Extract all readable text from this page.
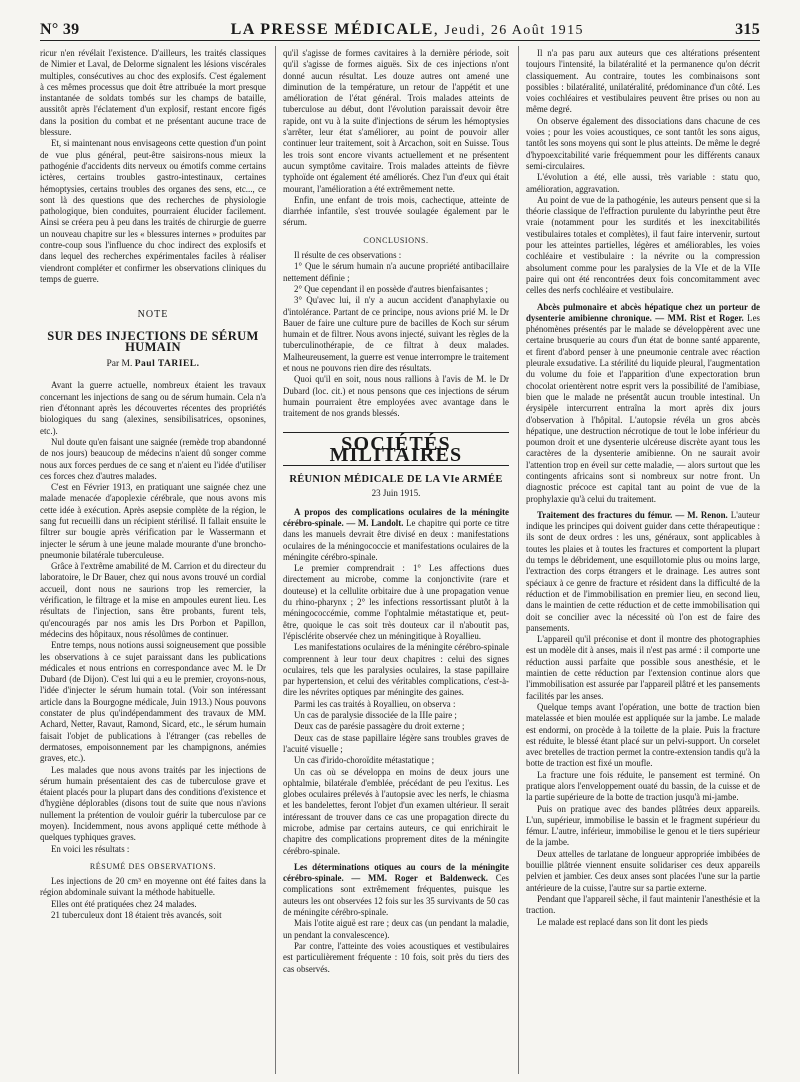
N° 39	LA PRESSE MÉDICALE, Jeudi, 26 Août 1915	315

ricur n'en révélait l'existence. D'ailleurs, les traités classiques de Nimier et Laval, de Delorme signalent les lésions viscérales multiples, consécutives au choc des explosifs. C'est également à ces mêmes processus que doit être attribuée la mort presque instantanée de soldats tombés sur les champs de bataille, aussitôt après l'éclatement d'un explosif, restant encore figés dans la position du combat et ne présentant aucune trace de blessure.

Et, si maintenant nous envisageons cette question d'un point de vue plus général, peut-être saisirons-nous mieux la pathogénie d'accidents dits nerveux ou émotifs comme certains ictères, certains troubles gastro-intestinaux, certaines hémoptysies, certains troubles des organes des sens, etc..., ce sont là des questions que des recherches de physiologie pathologique, bien conduites, pourraient élucider facilement. Ainsi se créera peu à peu dans les traités de chirurgie de guerre un nouveau chapitre sur les « blessures internes » produites par contre-coup sous l'influence du choc indirect des explosifs et dans lequel des recherches expérimentales faciles à réaliser viendront compléter et confirmer les observations cliniques du temps de guerre.

NOTE
SUR DES INJECTIONS DE SÉRUM HUMAIN
Par M. Paul TARIEL.

Avant la guerre actuelle, nombreux étaient les travaux concernant les injections de sang ou de sérum humain. Cela n'a rien d'étonnant après les découvertes récentes des propriétés biologiques du sang (alexines, sensibilisatrices, opsonines, etc.).

Nul doute qu'en faisant une saignée (remède trop abandonné de nos jours) beaucoup de médecins n'aient dû songer comme nous aux forces perdues de ce sang et n'aient eu l'idée d'utiliser ces forces chez d'autres malades.

C'est en Février 1913, en pratiquant une saignée chez une malade menacée d'apoplexie cérébrale, que nous avons mis cette idée à exécution. Après asepsie complète de la région, le sang fut recueilli dans un récipient stérilisé. Il fallait ensuite le filtrer sur bougie après vérification par le Wassermann et injecter le sérum à une jeune malade mourante d'une broncho-pneumonie bilatérale tuberculeuse.

Grâce à l'extrême amabilité de M. Carrion et du directeur du laboratoire, le Dr Bauer, chez qui nous avons trouvé un cordial accueil, dont nous ne saurions trop les remercier, la vérification, le filtrage et la mise en ampoules eurent lieu. Les résultats de l'injection, sans être probants, furent tels, qu'encouragés par nos amis les Drs Porbon et Papillon, médecins des hôpitaux, nous résolûmes de continuer.

Entre temps, nous notions aussi soigneusement que possible les observations à ce sujet paraissant dans les publications médicales et nous entrions en correspondance avec M. le Dr Dubard (de Dijon). C'est lui qui a eu le premier, croyons-nous, l'idée d'injecter le sérum humain total. (Voir son intéressant article dans la Bourgogne médicale, Juin 1913.) Nous pouvons constater de plus qu'indépendamment des travaux de MM. Achard, Netter, Ravaut, Ramond, Sicard, etc., le sérum humain faisait l'objet de publications à l'étranger (cas rebelles de dermatoses, empoisonnement par les champignons, anémies graves, etc.).

Les malades que nous avons traités par les injections de sérum humain présentaient des cas de tuberculose grave et étaient placés pour la plupart dans des conditions d'existence et d'hygiène déplorables (disons tout de suite que nous n'avions nullement la prétention de vouloir guérir la tuberculose par ce moyen). Incidemment, nous avons appliqué cette méthode à quelques typhiques graves.

En voici les résultats :

RÉSUMÉ DES OBSERVATIONS.

Les injections de 20 cm³ en moyenne ont été faites dans la région abdominale suivant la méthode habituelle.

Elles ont été pratiquées chez 24 malades.

21 tuberculeux dont 18 étaient très avancés, soit

qu'il s'agisse de formes cavitaires à la dernière période, soit qu'il s'agisse de formes aiguës. Six de ces injections n'ont donné aucun résultat. Les douze autres ont amené une diminution de la température, un retour de l'appétit et une amélioration de l'état général. Trois malades atteints de tuberculose au début, dont l'évolution paraissait devoir être rapide, ont vu à la suite d'injections de sérum les hémoptysies s'arrêter, leur état s'améliorer, au point de pouvoir aller continuer leur traitement, soit à Arcachon, soit en Suisse. Tous les trois sont encore vivants actuellement et ne présentent aucun symptôme cavitaire. Trois malades atteints de fièvre typhoïde ont également été améliorés. Chez l'un d'eux qui était mourant, l'amélioration a été extrêmement nette.

Enfin, une enfant de trois mois, cachectique, atteinte de diarrhée infantile, s'est trouvée soulagée également par le sérum.

CONCLUSIONS.

Il résulte de ces observations :

1° Que le sérum humain n'a aucune propriété antibacillaire nettement définie ;

2° Que cependant il en possède d'autres bienfaisantes ;

3° Qu'avec lui, il n'y a aucun accident d'anaphylaxie ou d'intolérance. Partant de ce principe, nous avions prié M. le Dr Bauer de faire une culture pure de bacilles de Koch sur sérum humain et de filtrer. Nous avons injecté, suivant les règles de la tuberculinothérapie, de ce filtrat à deux malades. Malheureusement, la guerre est venue interrompre le traitement et nous ne pouvons rien dire des résultats.

Quoi qu'il en soit, nous nous rallions à l'avis de M. le Dr Dubard (loc. cit.) et nous pensons que ces injections de sérum humain pourraient être employées avec avantage dans le traitement de nos grands blessés.

SOCIÉTÉS MILITAIRES
RÉUNION MÉDICALE DE LA VIe ARMÉE
23 Juin 1915.

A propos des complications oculaires de la méningite cérébro-spinale. — M. Landolt. Le chapitre qui porte ce titre dans les manuels devrait être divisé en deux : manifestations oculaires de la méningococcie et manifestations oculaires de la méningite cérébro-spinale.

Le premier comprendrait : 1° Les affections dues directement au microbe, comme la conjonctivite (rare et douteuse) et la cellulite orbitaire due à une propagation venue du rhino-pharynx ; 2° les infections ressortissant plutôt à la méningococcémie, comme l'ophtalmie métastatique et, peut-être, quoique le cas soit très douteux car il n'aboutit pas, l'épisclérite observée chez un méningitique à Royallieu.

Les manifestations oculaires de la méningite cérébro-spinale comprennent à leur tour deux chapitres : celui des signes oculaires, tels que les paralysies oculaires, la stase papillaire par hypertension, et celui des véritables complications, c'est-à-dire les névrites optiques par méningite des gaines.

Parmi les cas traités à Royallieu, on observa :

Un cas de paralysie dissociée de la IIIe paire ;

Deux cas de parésie passagère du droit externe ;

Deux cas de stase papillaire légère sans troubles graves de l'acuité visuelle ;

Un cas d'irido-choroïdite métastatique ;

Un cas où se développa en moins de deux jours une ophtalmie, bilatérale d'emblée, précédant de peu l'exitus. Les globes oculaires prélevés à l'autopsie avec les nerfs, le chiasma et les bandelettes, feront l'objet d'un examen ultérieur. Il serait intéressant de trouver dans ce cas une propagation directe du microbe, admise par certains auteurs, ce qui enrichirait le chapitre des complications proprement dites de la méningite cérébro-spinale.

Les déterminations otiques au cours de la méningite cérébro-spinale. — MM. Roger et Baldenweck. Ces complications sont extrêmement fréquentes, puisque les auteurs les ont observées 12 fois sur les 35 survivants de 50 cas de méningite cérébro-spinale.

Mais l'otite aiguë est rare ; deux cas (un pendant la maladie, un pendant la convalescence).

Par contre, l'atteinte des voies acoustiques et vestibulaires est particulièrement fréquente : 10 fois, soit près du tiers des cas observés.

Il n'a pas paru aux auteurs que ces altérations présentent toujours l'intensité, la bilatéralité et la permanence qu'on décrit classiquement. Au contraire, toutes les combinaisons sont possibles : bilatéralité, unilatéralité, prédominance d'un côté. Les voies cochléaires et vestibulaires peuvent être prises ou non au même degré.

On observe également des dissociations dans chacune de ces voies ; pour les voies acoustiques, ce sont tantôt les sons aigus, tantôt les sons moyens qui sont le plus atteints. De même le degré d'hypoexcitabilité varie fréquemment pour les différents canaux semi-circulaires.

L'évolution a été, elle aussi, très variable : statu quo, amélioration, aggravation.

Au point de vue de la pathogénie, les auteurs pensent que si la théorie classique de l'effraction purulente du labyrinthe peut être vraie (notamment pour les surdités et les inexcitabilités vestibulaires totales et complètes), il faut faire intervenir, surtout pour les atteintes partielles, légères et améliorables, les voies cochléaire et vestibulaire : la névrite ou la compression absolument comme pour les paralysies de la VIe et de la VIIe paire qui ont été rencontrées deux fois concomitamment avec celles des nerfs cochléaire et vestibulaire.

Abcès pulmonaire et abcès hépatique chez un porteur de dysenterie amibienne chronique. — MM. Rist et Roger. Les phénomènes présentés par le malade se développèrent avec une certaine brusquerie au cours d'un état de bonne santé apparente, et firent d'abord penser à une pneumonie centrale avec réaction pleurale exsudative. La stérilité du liquide pleural, l'augmentation du volume du foie et l'apparition d'une expectoration brun chocolat orientèrent notre esprit vers la possibilité de l'amibiase, bien que le malade ne présentât aucun trouble intestinal. Un érysipèle intercurrent entraîna la mort après dix jours d'observation à l'hôpital. L'autopsie révéla un gros abcès hépatique, une destruction nécrotique de tout le lobe inférieur du poumon droit et une dysenterie ulcéreuse discrète ayant tous les caractères de la dysenterie amibienne. On ne saurait avoir l'attention trop en éveil sur cette maladie, — alors surtout que les contingents africains sont si nombreux sur notre front. Un diagnostic précoce est capital tant au point de vue de la prophylaxie qu'à celui du traitement.

Traitement des fractures du fémur. — M. Renon. L'auteur indique les principes qui doivent guider dans cette thérapeutique : ils sont de deux ordres : les uns, généraux, sont applicables à toutes les plaies et à toutes les fractures et comportent la plupart du temps le débridement, une esquillotomie plus ou moins large, l'extraction des corps étrangers et le drainage. Les autres sont spéciaux à ce genre de fracture et résident dans la difficulté de la réduction et de l'immobilisation en premier lieu, en second lieu, dans le maintien de cette réduction et de cette immobilisation qui doit se concilier avec la nécessité où l'on est de faire des pansements.

L'appareil qu'il préconise et dont il montre des photographies est un modèle dit à anses, mais il n'est pas armé : il comporte une réduction aussi parfaite que possible sous anesthésie, et le maintien de cette réduction par l'extension continue alors que l'immobilisation est assurée par l'appareil plâtré et les pansements facilités par les anses.

Quelque temps avant l'opération, une botte de traction bien matelassée et bien moulée est appliquée sur la jambe. Le malade est endormi, on procède à la toilette de la plaie. Puis la fracture est réduite, le blessé étant placé sur un pelvi-support. Un corselet avec bretelles de traction permet la contre-extension tandis qu'à la botte de traction est fixé un moufle.

La fracture une fois réduite, le pansement est terminé. On pratique alors l'enveloppement ouaté du bassin, de la cuisse et de la partie supérieure de la botte de traction jusqu'à mi-jambe.

Puis on pratique avec des bandes plâtrées deux appareils. L'un, supérieur, immobilise le bassin et le fragment supérieur du fémur. L'autre, inférieur, immobilise le genou et le tiers supérieur de la jambe.

Deux attelles de tarlatane de longueur appropriée imbibées de bouillie plâtrée viennent ensuite solidariser ces deux appareils pelvien et jambier. Ces deux anses sont placées l'une sur la partie antérieure de la cuisse, l'autre sur sa partie externe.

Pendant que l'appareil sèche, il faut maintenir l'anesthésie et la traction.

Le malade est replacé dans son lit dont les pieds
